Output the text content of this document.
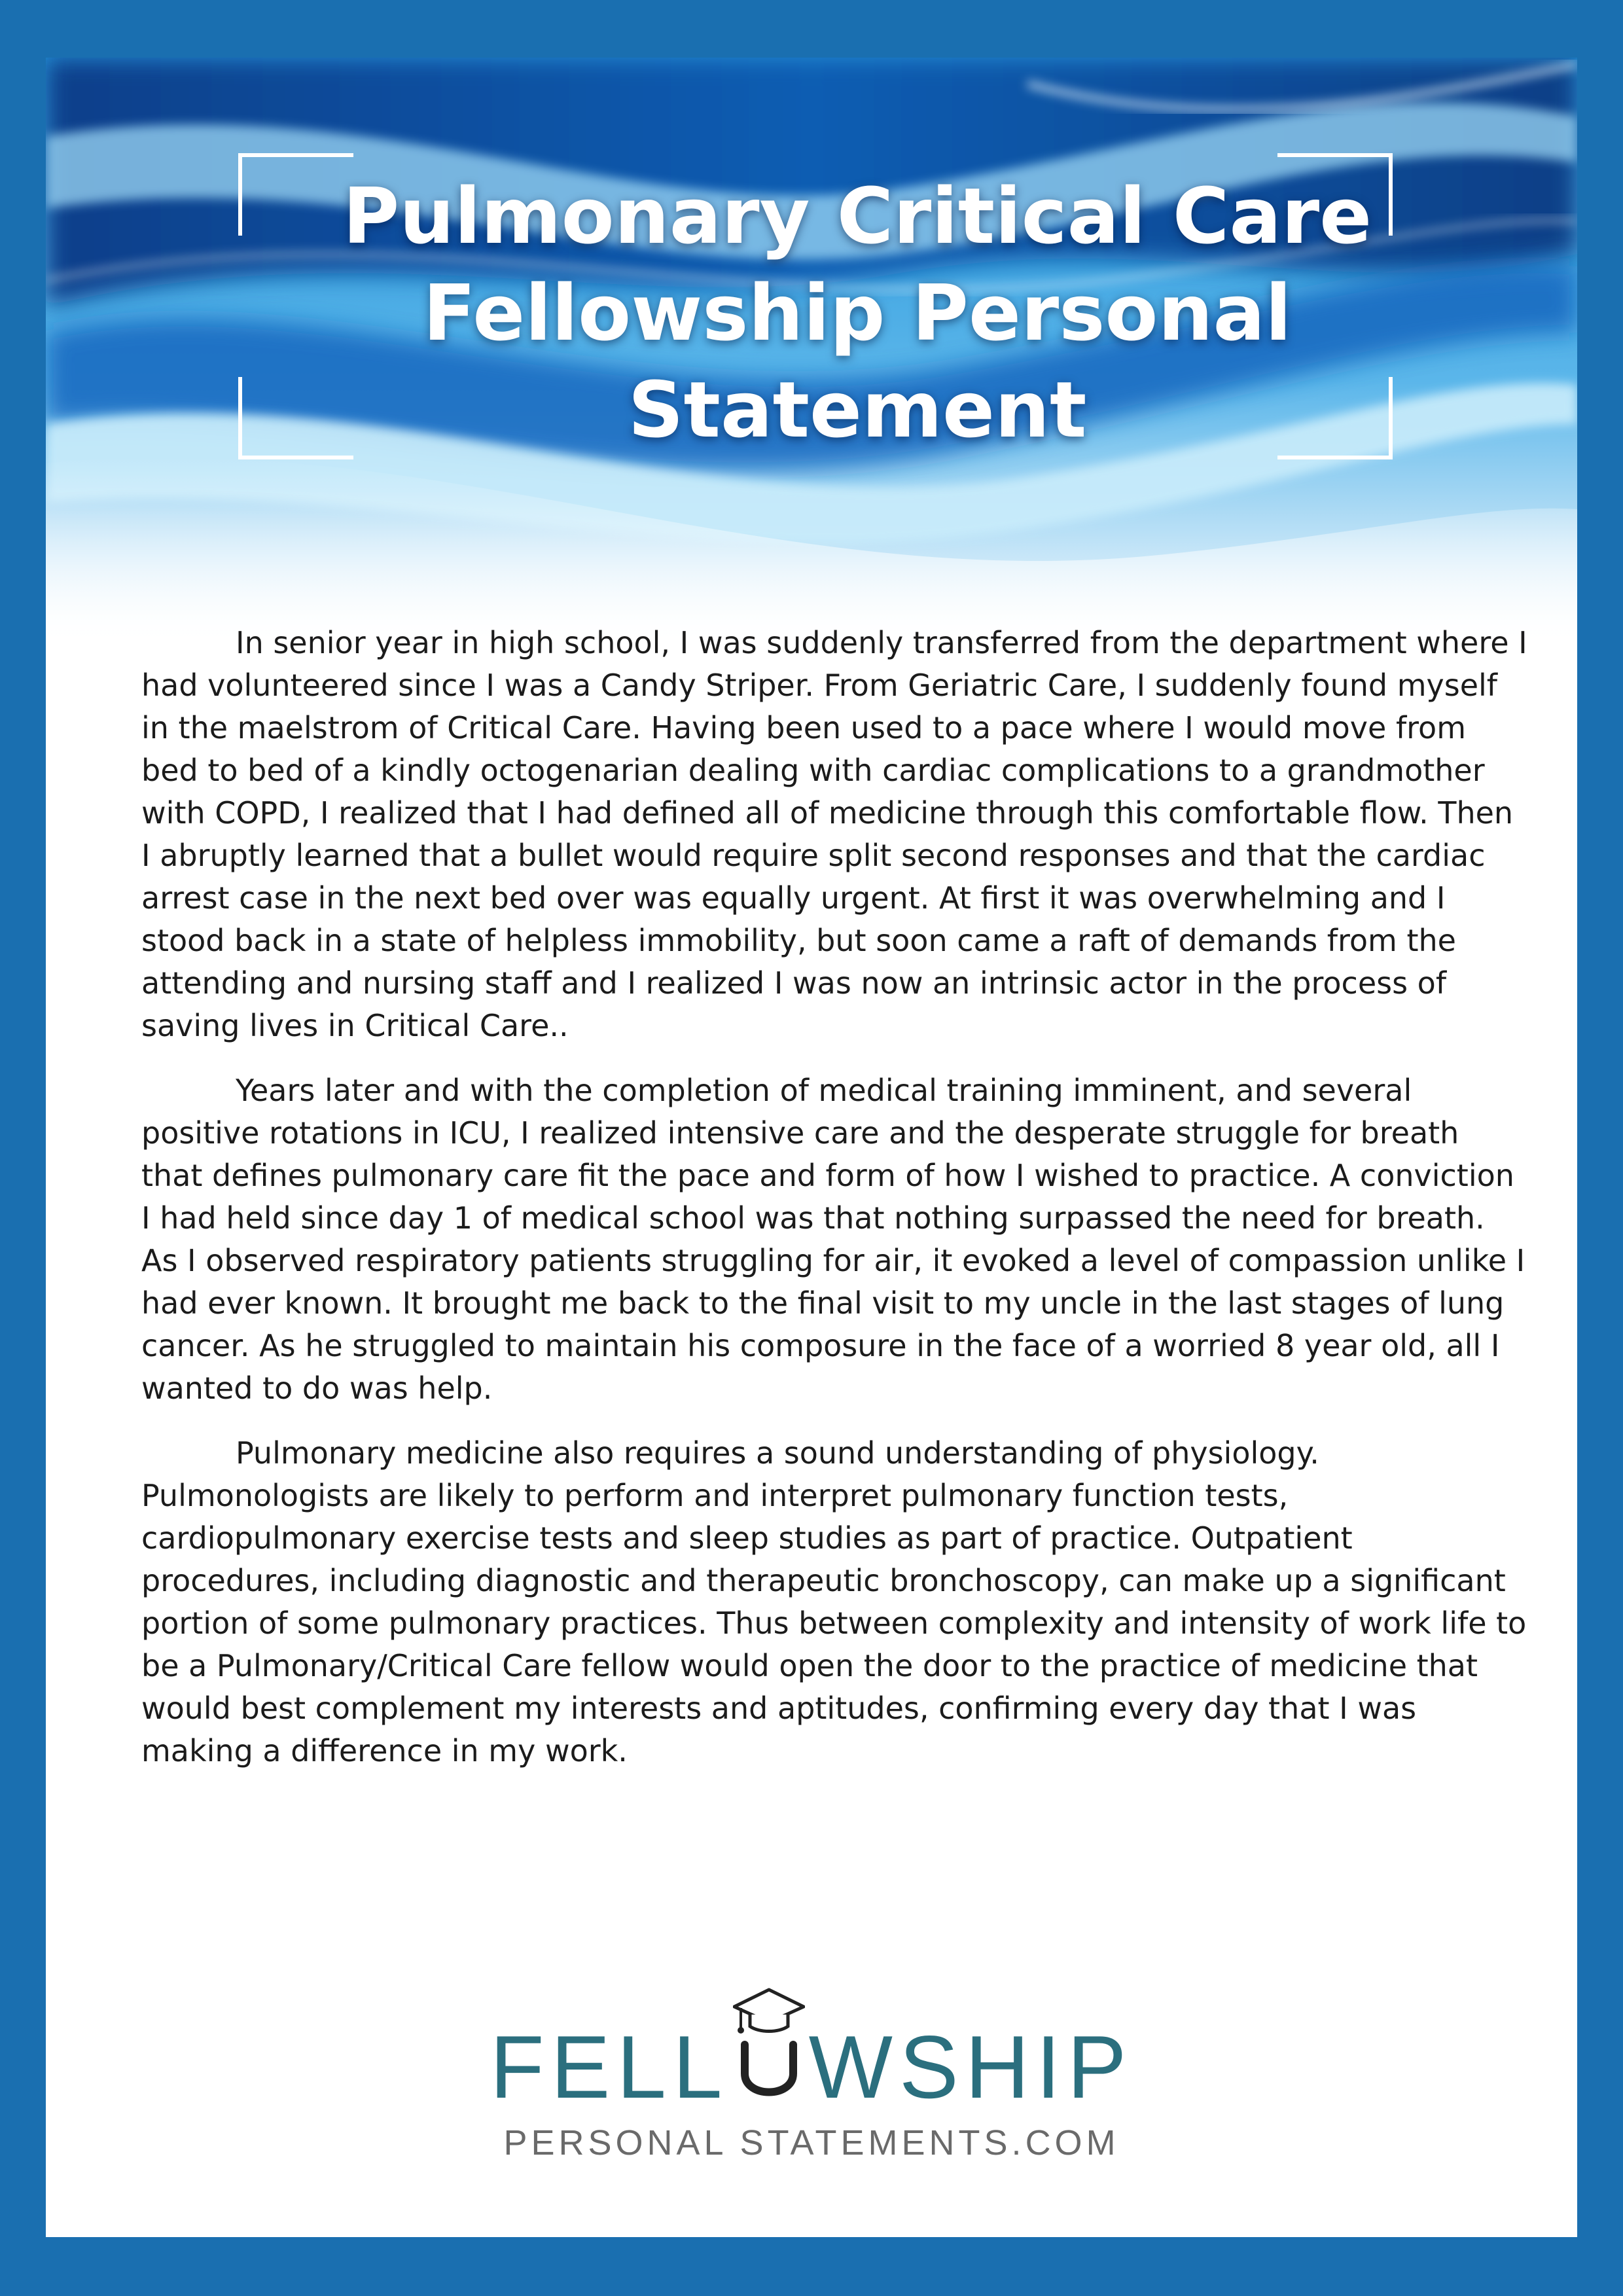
Pulmonary Critical Care
Fellowship Personal
Statement

In senior year in high school, I was suddenly transferred from the department where I had volunteered since I was a Candy Striper. From Geriatric Care, I suddenly found myself in the maelstrom of Critical Care. Having been used to a pace where I would move from bed to bed of a kindly octogenarian dealing with cardiac complications to a grandmother with COPD, I realized that I had defined all of medicine through this comfortable flow. Then I abruptly learned that a bullet would require split second responses and that the cardiac arrest case in the next bed over was equally urgent. At first it was overwhelming and I stood back in a state of helpless immobility, but soon came a raft of demands from the attending and nursing staff and I realized I was now an intrinsic actor in the process of saving lives in Critical Care..

Years later and with the completion of medical training imminent, and several positive rotations in ICU, I realized intensive care and the desperate struggle for breath that defines pulmonary care fit the pace and form of how I wished to practice. A conviction I had held since day 1 of medical school was that nothing surpassed the need for breath. As I observed respiratory patients struggling for air, it evoked a level of compassion unlike I had ever known. It brought me back to the final visit to my uncle in the last stages of lung cancer. As he struggled to maintain his composure in the face of a worried 8 year old, all I wanted to do was help.

Pulmonary medicine also requires a sound understanding of physiology. Pulmonologists are likely to perform and interpret pulmonary function tests, cardiopulmonary exercise tests and sleep studies as part of practice. Outpatient procedures, including diagnostic and therapeutic bronchoscopy, can make up a significant portion of some pulmonary practices. Thus between complexity and intensity of work life to be a Pulmonary/Critical Care fellow would open the door to the practice of medicine that would best complement my interests and aptitudes, confirming every day that I was making a difference in my work.

FELL WSHIP
PERSONAL STATEMENTS.COM
